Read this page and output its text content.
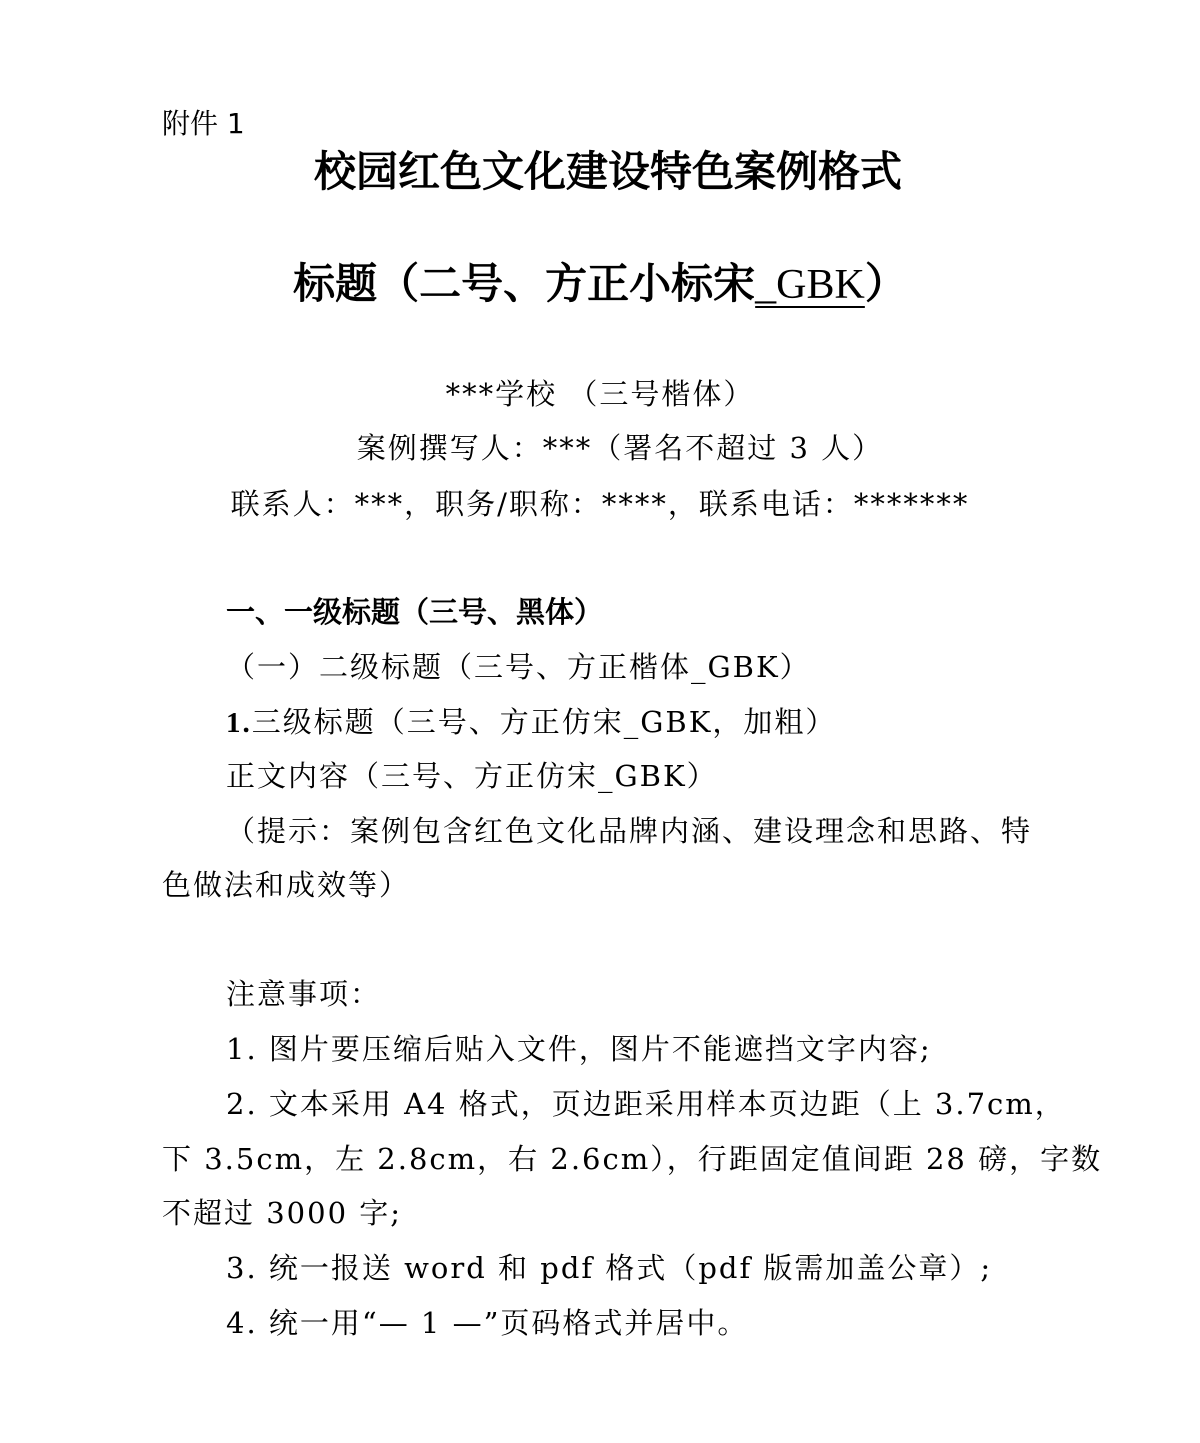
附件 1

校园红色文化建设特色案例格式
标题（二号、方正小标宋_GBK）

***学校 （三号楷体）

案例撰写人：***（署名不超过 3 人）

联系人：***，职务/职称：****，联系电话：*******

一、一级标题（三号、黑体）

（一）二级标题（三号、方正楷体_GBK）

1.三级标题（三号、方正仿宋_GBK，加粗）

正文内容（三号、方正仿宋_GBK）

（提示：案例包含红色文化品牌内涵、建设理念和思路、特

色做法和成效等）

注意事项：

1. 图片要压缩后贴入文件，图片不能遮挡文字内容;

2. 文本采用 A4 格式，页边距采用样本页边距（上 3.7cm，

下 3.5cm，左 2.8cm，右 2.6cm），行距固定值间距 28 磅，字数

不超过 3000 字;

3. 统一报送 word 和 pdf 格式（pdf 版需加盖公章）;

4. 统一用“— 1 —”页码格式并居中。
